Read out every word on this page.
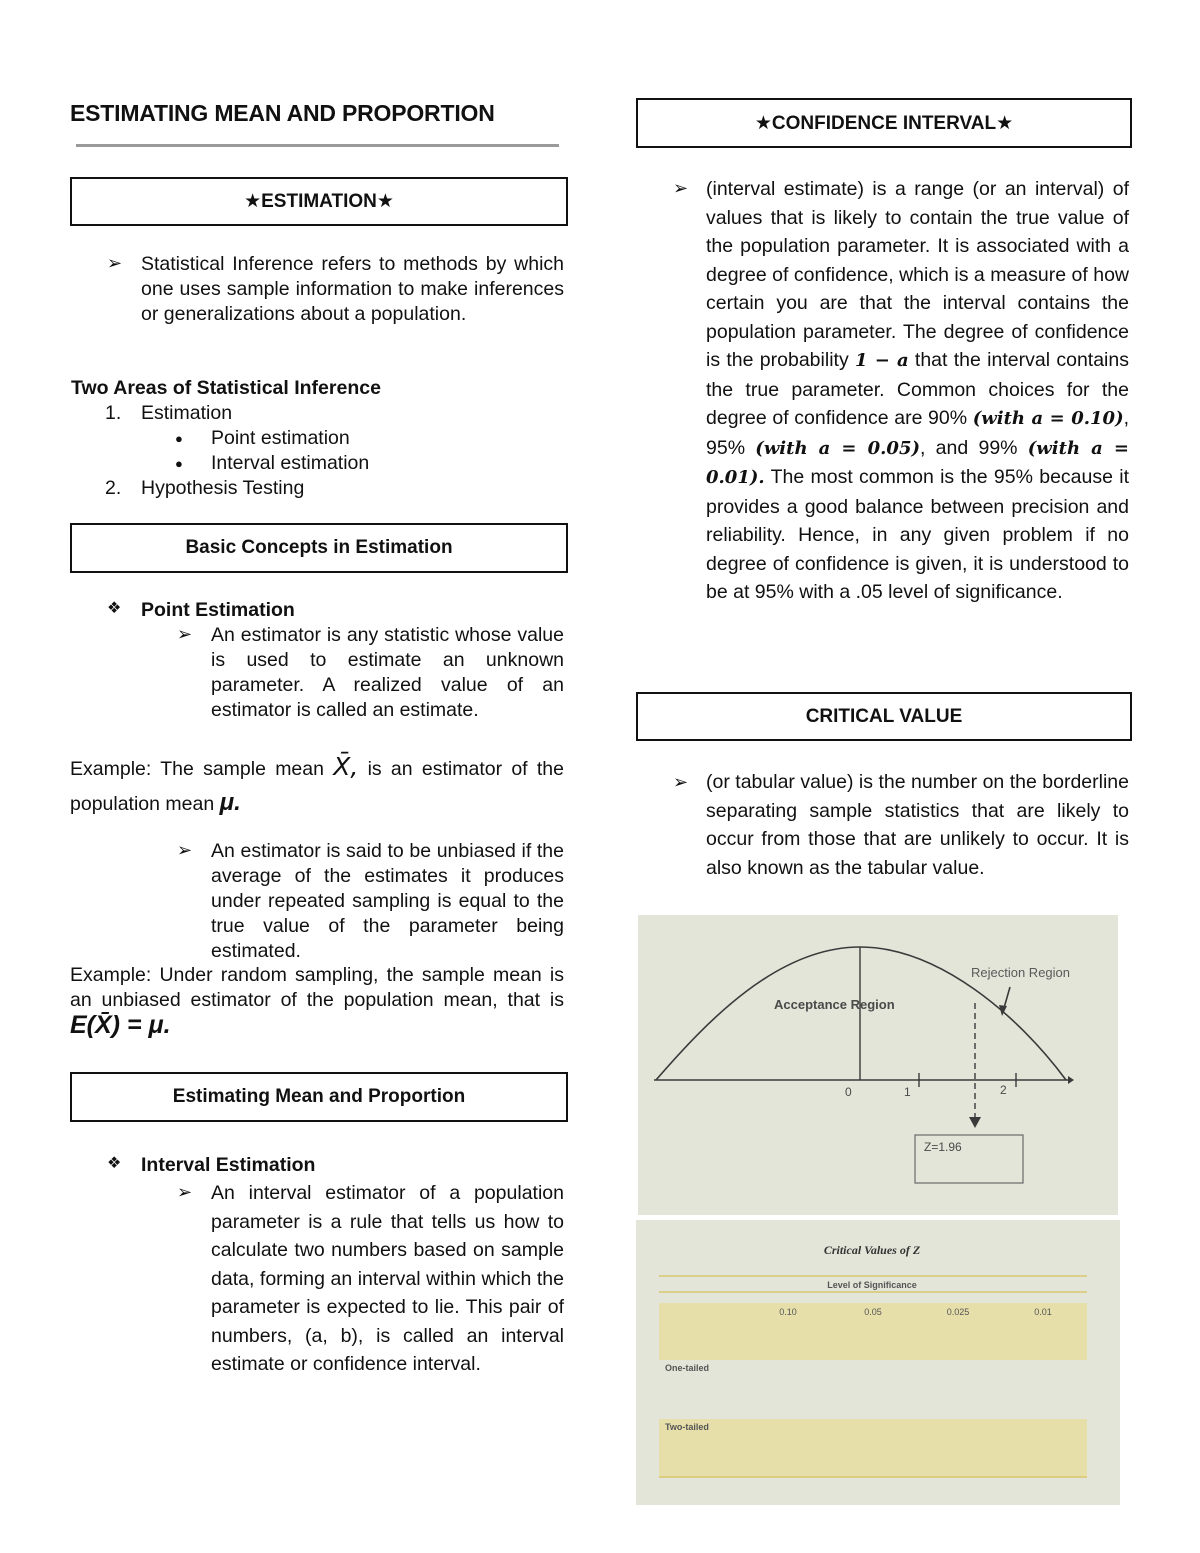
ESTIMATING MEAN AND PROPORTION
★ESTIMATION★
➢ Statistical Inference refers to methods by which one uses sample information to make inferences or generalizations about a population.
Two Areas of Statistical Inference
1. Estimation
● Point estimation
● Interval estimation
2. Hypothesis Testing
Basic Concepts in Estimation
❖ Point Estimation
➢ An estimator is any statistic whose value is used to estimate an unknown parameter. A realized value of an estimator is called an estimate.
Example: The sample mean X̄, is an estimator of the population mean μ.
➢ An estimator is said to be unbiased if the average of the estimates it produces under repeated sampling is equal to the true value of the parameter being estimated.
Example: Under random sampling, the sample mean is an unbiased estimator of the population mean, that is E(X̄) = μ.
Estimating Mean and Proportion
❖ Interval Estimation
➢ An interval estimator of a population parameter is a rule that tells us how to calculate two numbers based on sample data, forming an interval within which the parameter is expected to lie. This pair of numbers, (a, b), is called an interval estimate or confidence interval.
★CONFIDENCE INTERVAL★
➢ (interval estimate) is a range (or an interval) of values that is likely to contain the true value of the population parameter. It is associated with a degree of confidence, which is a measure of how certain you are that the interval contains the population parameter. The degree of confidence is the probability 1 − a that the interval contains the true parameter. Common choices for the degree of confidence are 90% (with a = 0.10), 95% (with a = 0.05), and 99% (with a = 0.01). The most common is the 95% because it provides a good balance between precision and reliability. Hence, in any given problem if no degree of confidence is given, it is understood to be at 95% with a .05 level of significance.
CRITICAL VALUE
➢ (or tabular value) is the number on the borderline separating sample statistics that are likely to occur from those that are unlikely to occur. It is also known as the tabular value.
Acceptance Region
Rejection Region
0	1	2
Z=1.96
Critical Values of Z
Level of Significance
0.10	0.05	0.025	0.01
One-tailed
Two-tailed
